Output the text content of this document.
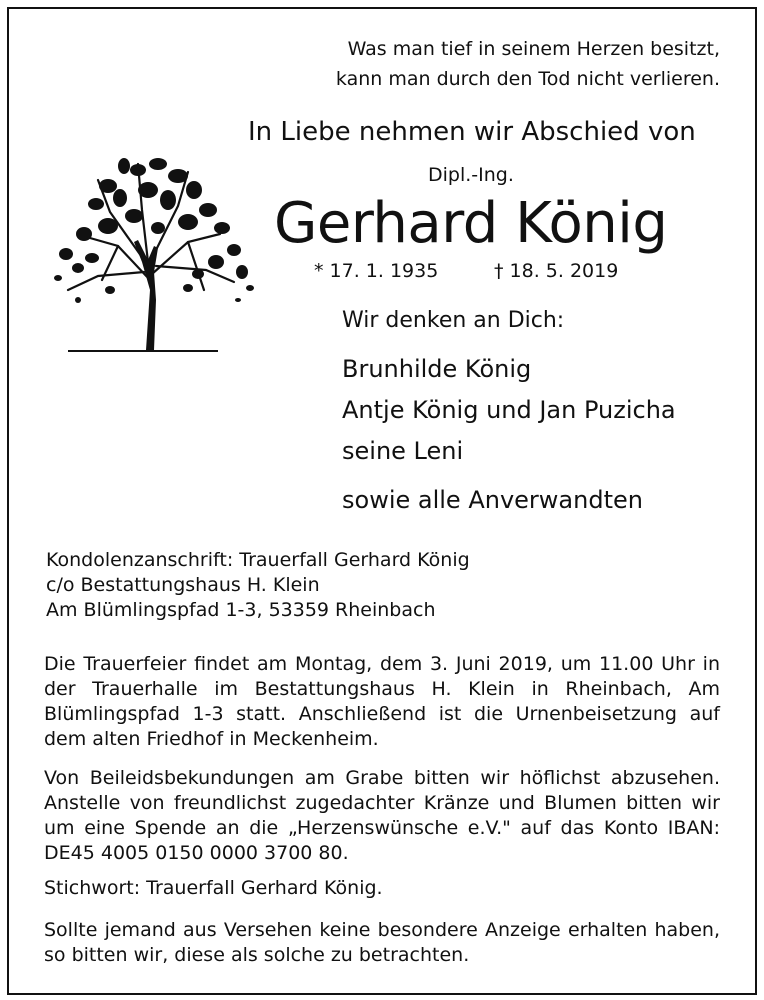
Was man tief in seinem Herzen besitzt,
kann man durch den Tod nicht verlieren.
In Liebe nehmen wir Abschied von
Dipl.-Ing.
Gerhard König
* 17. 1. 1935	† 18. 5. 2019
Wir denken an Dich:
Brunhilde König
Antje König und Jan Puzicha
seine Leni
sowie alle Anverwandten
Kondolenzanschrift: Trauerfall Gerhard König
c/o Bestattungshaus H. Klein
Am Blümlingspfad 1-3, 53359 Rheinbach
Die Trauerfeier findet am Montag, dem 3. Juni 2019, um 11.00 Uhr in der Trauerhalle im Bestattungshaus H. Klein in Rheinbach, Am Blümlingspfad 1-3 statt. Anschließend ist die Urnenbeisetzung auf dem alten Friedhof in Meckenheim.
Von Beileidsbekundungen am Grabe bitten wir höflichst abzusehen. Anstelle von freundlichst zugedachter Kränze und Blumen bitten wir um eine Spende an die „Herzenswünsche e.V." auf das Konto IBAN: DE45 4005 0150 0000 3700 80.
Stichwort: Trauerfall Gerhard König.
Sollte jemand aus Versehen keine besondere Anzeige erhalten haben, so bitten wir, diese als solche zu betrachten.
